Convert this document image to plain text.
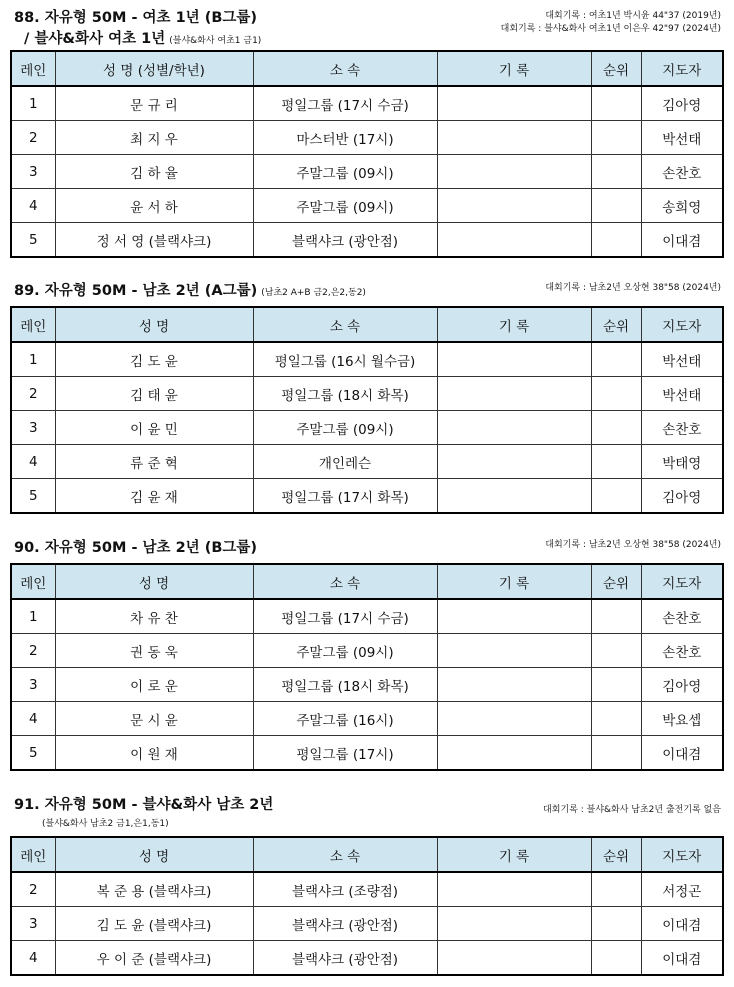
88. 자유형 50M - 여초 1년 (B그룹)
/ 블샤&화사 여초 1년 (블샤&화사 여초1 금1)
대회기록 : 여초1년 박시윤 44"37 (2019년)
대회기록 : 블샤&화사 여초1년 이은우 42"97 (2024년)
레인	성 명 (성별/학년)	소 속	기 록	순위	지도자
1	문 규 리	평일그룹 (17시 수금)			김아영
2	최 지 우	마스터반 (17시)			박선태
3	김 하 율	주말그룹 (09시)			손찬호
4	윤 서 하	주말그룹 (09시)			송희영
5	정 서 영 (블랙샤크)	블랙샤크 (광안점)			이대겸
89. 자유형 50M - 남초 2년 (A그룹) (남초2 A+B 금2,은2,동2)	대회기록 : 남초2년 오상현 38"58 (2024년)
레인	성 명	소 속	기 록	순위	지도자
1	김 도 윤	평일그룹 (16시 월수금)			박선태
2	김 태 윤	평일그룹 (18시 화목)			박선태
3	이 윤 민	주말그룹 (09시)			손찬호
4	류 준 혁	개인레슨			박태영
5	김 윤 재	평일그룹 (17시 화목)			김아영
90. 자유형 50M - 남초 2년 (B그룹)	대회기록 : 남초2년 오상현 38"58 (2024년)
레인	성 명	소 속	기 록	순위	지도자
1	차 유 찬	평일그룹 (17시 수금)			손찬호
2	권 동 욱	주말그룹 (09시)			손찬호
3	이 로 운	평일그룹 (18시 화목)			김아영
4	문 시 윤	주말그룹 (16시)			박요셉
5	이 원 재	평일그룹 (17시)			이대겸
91. 자유형 50M - 블샤&화사 남초 2년
(블샤&화사 남초2 금1,은1,동1)
대회기록 : 블샤&화사 남초2년 출전기록 없음
레인	성 명	소 속	기 록	순위	지도자
2	복 준 용 (블랙샤크)	블랙샤크 (조량점)			서정곤
3	김 도 윤 (블랙샤크)	블랙샤크 (광안점)			이대겸
4	우 이 준 (블랙샤크)	블랙샤크 (광안점)			이대겸
